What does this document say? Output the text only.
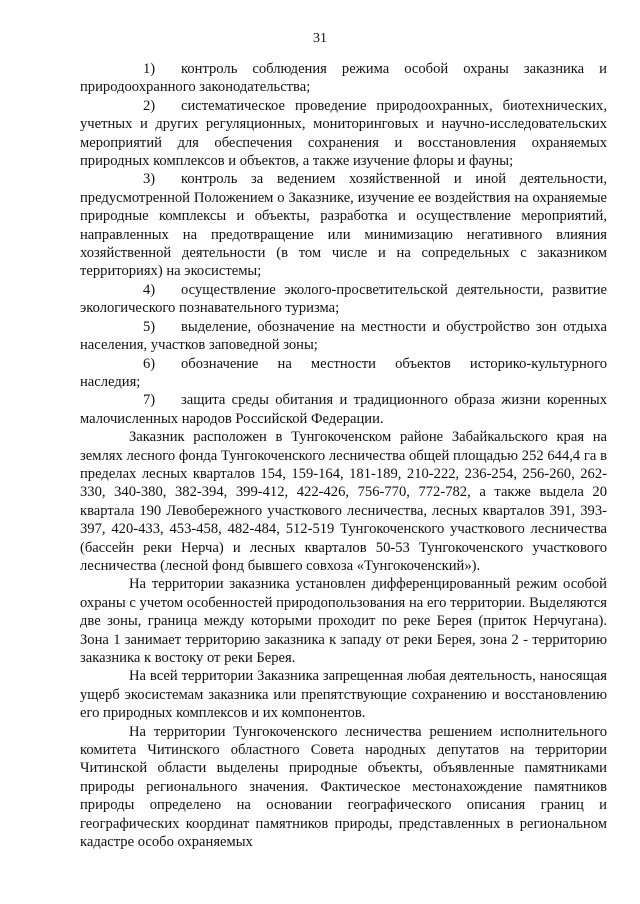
31

1) контроль соблюдения режима особой охраны заказника и природоохранного законодательства;

2) систематическое проведение природоохранных, биотехнических, учетных и других регуляционных, мониторинговых и научно-исследовательских мероприятий для обеспечения сохранения и восстановления охраняемых природных комплексов и объектов, а также изучение флоры и фауны;

3) контроль за ведением хозяйственной и иной деятельности, предусмотренной Положением о Заказнике, изучение ее воздействия на охраняемые природные комплексы и объекты, разработка и осуществление мероприятий, направленных на предотвращение или минимизацию негативного влияния хозяйственной деятельности (в том числе и на сопредельных с заказником территориях) на экосистемы;

4) осуществление эколого-просветительской деятельности, развитие экологического познавательного туризма;

5) выделение, обозначение на местности и обустройство зон отдыха населения, участков заповедной зоны;

6) обозначение на местности объектов историко-культурного наследия;

7) защита среды обитания и традиционного образа жизни коренных малочисленных народов Российской Федерации.

Заказник расположен в Тунгокоченском районе Забайкальского края на землях лесного фонда Тунгокоченского лесничества общей площадью 252 644,4 га в пределах лесных кварталов 154, 159-164, 181-189, 210-222, 236-254, 256-260, 262-330, 340-380, 382-394, 399-412, 422-426, 756-770, 772-782, а также выдела 20 квартала 190 Левобережного участкового лесничества, лесных кварталов 391, 393-397, 420-433, 453-458, 482-484, 512-519 Тунгокоченского участкового лесничества (бассейн реки Нерча) и лесных кварталов 50-53 Тунгокоченского участкового лесничества (лесной фонд бывшего совхоза «Тунгокоченский»).

На территории заказника установлен дифференцированный режим особой охраны с учетом особенностей природопользования на его территории. Выделяются две зоны, граница между которыми проходит по реке Берея (приток Нерчугана). Зона 1 занимает территорию заказника к западу от реки Берея, зона 2 - территорию заказника к востоку от реки Берея.

На всей территории Заказника запрещенная любая деятельность, наносящая ущерб экосистемам заказника или препятствующие сохранению и восстановлению его природных комплексов и их компонентов.

На территории Тунгокоченского лесничества решением исполнительного комитета Читинского областного Совета народных депутатов на территории Читинской области выделены природные объекты, объявленные памятниками природы регионального значения. Фактическое местонахождение памятников природы определено на основании географического описания границ и географических координат памятников природы, представленных в региональном кадастре особо охраняемых
